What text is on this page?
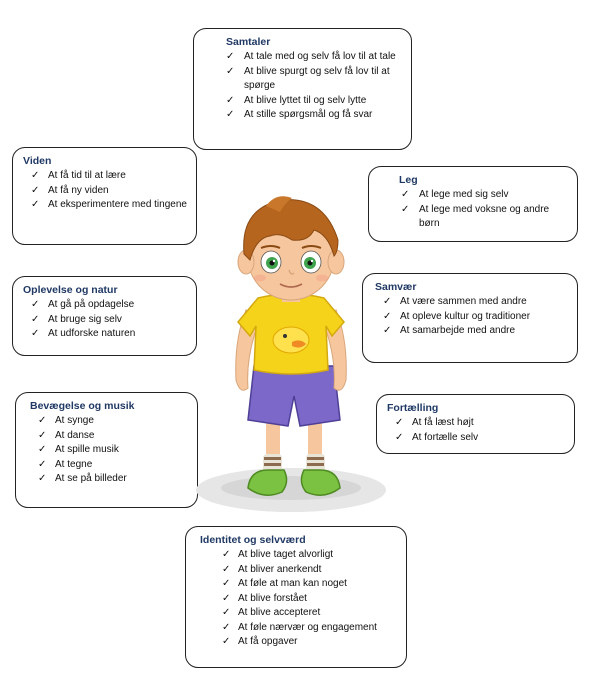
Samtaler
✓ At tale med og selv få lov til at tale
✓ At blive spurgt og selv få lov til at spørge
✓ At blive lyttet til og selv lytte
✓ At stille spørgsmål og få svar
Viden
✓ At få tid til at lære
✓ At få ny viden
✓ At eksperimentere med tingene
Leg
✓ At lege med sig selv
✓ At lege med voksne og andre børn
Oplevelse og natur
✓ At gå på opdagelse
✓ At bruge sig selv
✓ At udforske naturen
Samvær
✓ At være sammen med andre
✓ At opleve kultur og traditioner
✓ At samarbejde med andre
Bevægelse og musik
✓ At synge
✓ At danse
✓ At spille musik
✓ At tegne
✓ At se på billeder
Fortælling
✓ At få læst højt
✓ At fortælle selv
Identitet og selvværd
✓ At blive taget alvorligt
✓ At bliver anerkendt
✓ At føle at man kan noget
✓ At blive forstået
✓ At blive accepteret
✓ At føle nærvær og engagement
✓ At få opgaver
